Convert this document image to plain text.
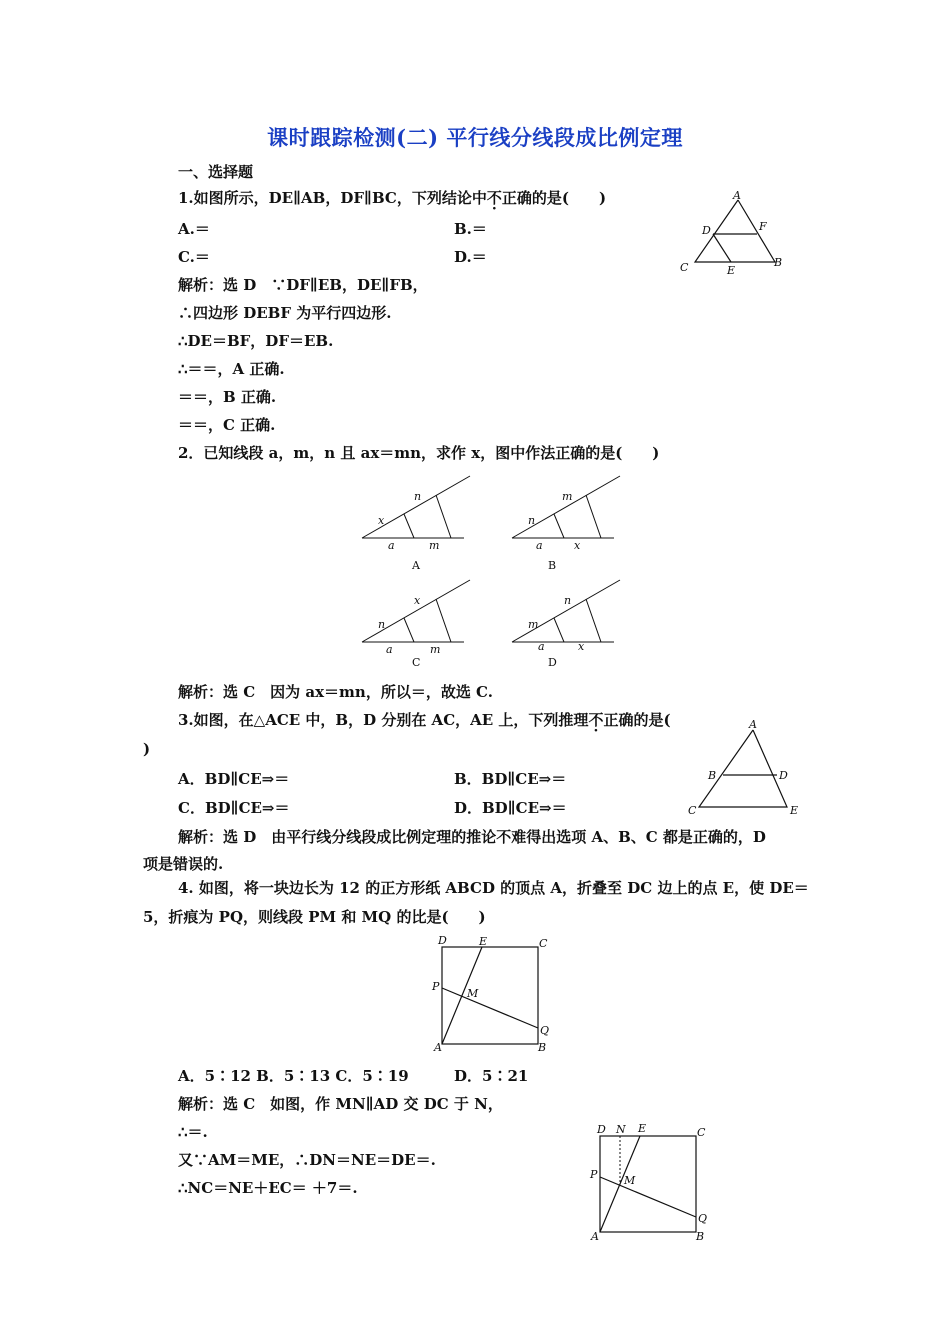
课时跟踪检测(二) 平行线分线段成比例定理
一、选择题
1.如图所示，DE∥AB，DF∥BC，下列结论中不正确的是(　　)
A.＝	B.＝
C.＝	D.＝
解析：选 D　∵DF∥EB，DE∥FB，
∴四边形 DEBF 为平行四边形.
∴DE＝BF，DF＝EB.
∴＝＝，A 正确.
＝＝，B 正确.
＝＝，C 正确.
A
D	F
C	E
B
2．已知线段 a，m，n 且 ax＝mn，求作 x，图中作法正确的是(　　)
x
n
a	m
A
n
m
a	x
B
n
x
a	m
C
m
n
a	x
D
解析：选 C　因为 ax＝mn，所以＝，故选 C.
3.如图，在△ACE 中，B，D 分别在 AC，AE 上，下列推理不正确的是(
)
A．BD∥CE⇒＝	B．BD∥CE⇒＝
C．BD∥CE⇒＝	D．BD∥CE⇒＝
解析：选 D　由平行线分线段成比例定理的推论不难得出选项 A、B、C 都是正确的，D
项是错误的.
A
B	D
C	E
4. 如图，将一块边长为 12 的正方形纸 ABCD 的顶点 A，折叠至 DC 边上的点 E，使 DE＝
5，折痕为 PQ，则线段 PM 和 MQ 的比是(　　)
D	E	C
P
M
Q
A	B
A．5∶12 B．5∶13 C．5∶19	D．5∶21
解析：选 C　如图，作 MN∥AD 交 DC 于 N，
∴＝.
又∵AM＝ME，∴DN＝NE＝DE＝.
∴NC＝NE＋EC＝ ＋7＝.
D N E	C
P M
Q
A	B
